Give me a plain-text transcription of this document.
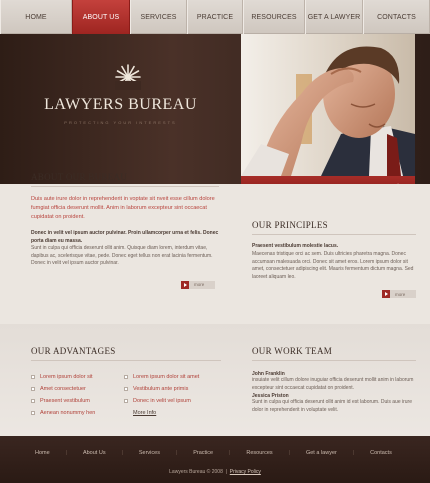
HOME	ABOUT US	SERVICES	PRACTICE	RESOURCES GET A LAWYER CONTACTS
LAWYERS BUREAU
PROTECTING YOUR INTERESTS
ABOUT OUR BUREAU

Duis aute irure dolor in reprehenderit in voptate sit nveit esse cillum dolore fumgiat officia deserunt mollit. Anim in laborum excepteur sint occaecat cupidatat on proident.

Donec in velit vel ipsum auctor pulvinar. Proin ullamcorper urna et felis. Donec porta diam eu massa.

Sunt in culpa qui officia deserunt ollit anim. Quisque diam lorem, interdum vitae, dapibus ac, scelerisque vitae, pede. Donec eget tellus non erat lacinia fermentum. Donec in velit vel ipsum auctor pulvinar.

more
OUR PRINCIPLES

Praesent vestibulum molestie lacus.

Maecenas tristique orci ac sem. Duis ultricies pharetra magna. Donec accumsan malesuada orci. Donec sit amet eros. Lorem ipsum dolor sit amet, consectetuer adipiscing elit. Mauris fermentum dictum magna. Sed laoreet aliquam leo.

more
OUR ADVANTAGES
Lorem ipsum dolor sit
Amet consectetuer
Praesent vestibulum
Aenean nonummy hen
Lorem ipsum dolor sit amet
Vestibulum ante primis
Donec in velit vel ipsum
More Info
OUR WORK TEAM

John Franklin

insuiate velit cillum dolore inuguiar officia deserunt mollit anim in laborum excepteur sint occaecat cupidatat on proident.

Jessica Priston

Sunt in culpa qui officia deserunt ollit anim id est laborum. Duis aue irure dolor in reprehenderit in voluptate velit.

Home	|	About Us	|	Services	|	Practice	|	Resources	|	Get a lawyer	|	Contacts
Lawyers Bureau © 2008 | Privacy Policy
